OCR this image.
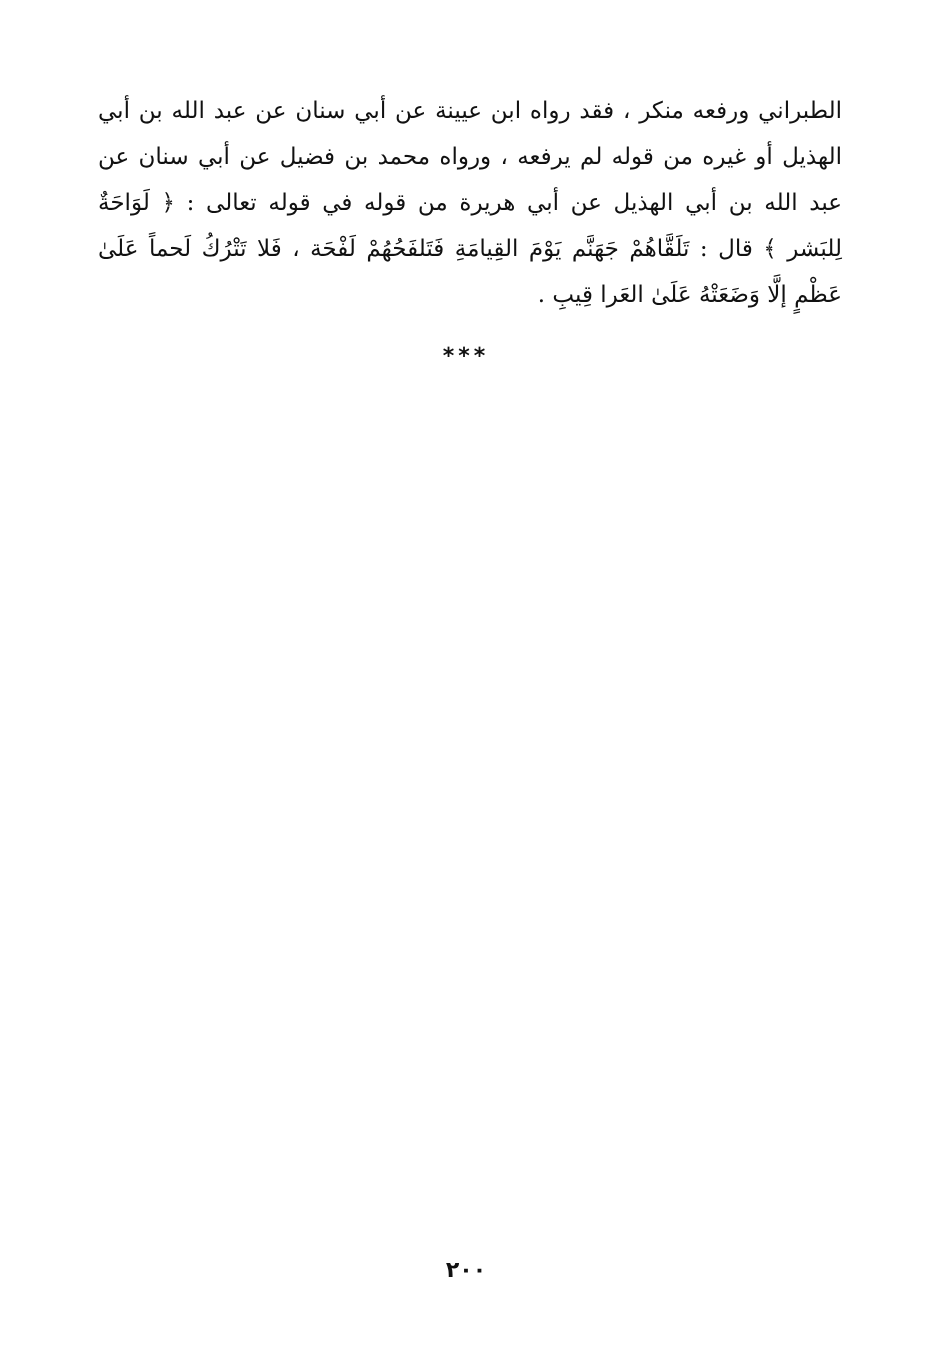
الطبراني ورفعه منكر ، فقد رواه ابن عيينة عن أبي سنان عن عبد الله بن أبي
الهذيل أو غيره من قوله لم يرفعه ، ورواه محمد بن فضيل عن أبي سنان عن
عبد الله بن أبي الهذيل عن أبي هريرة من قوله في قوله تعالى : ﴿ لَوَاحَةٌ
لِلبَشر ﴾ قال : تَلَقَّاهُمْ جَهَنَّم يَوْمَ القِيامَةِ فَتَلفَحُهُمْ لَفْحَة ، فَلا تَتْرُكُ لَحماً عَلَىٰ
عَظْمٍ إلَّا وَضَعَتْهُ عَلَىٰ العَرا قِيبِ .
***
٢٠٠
